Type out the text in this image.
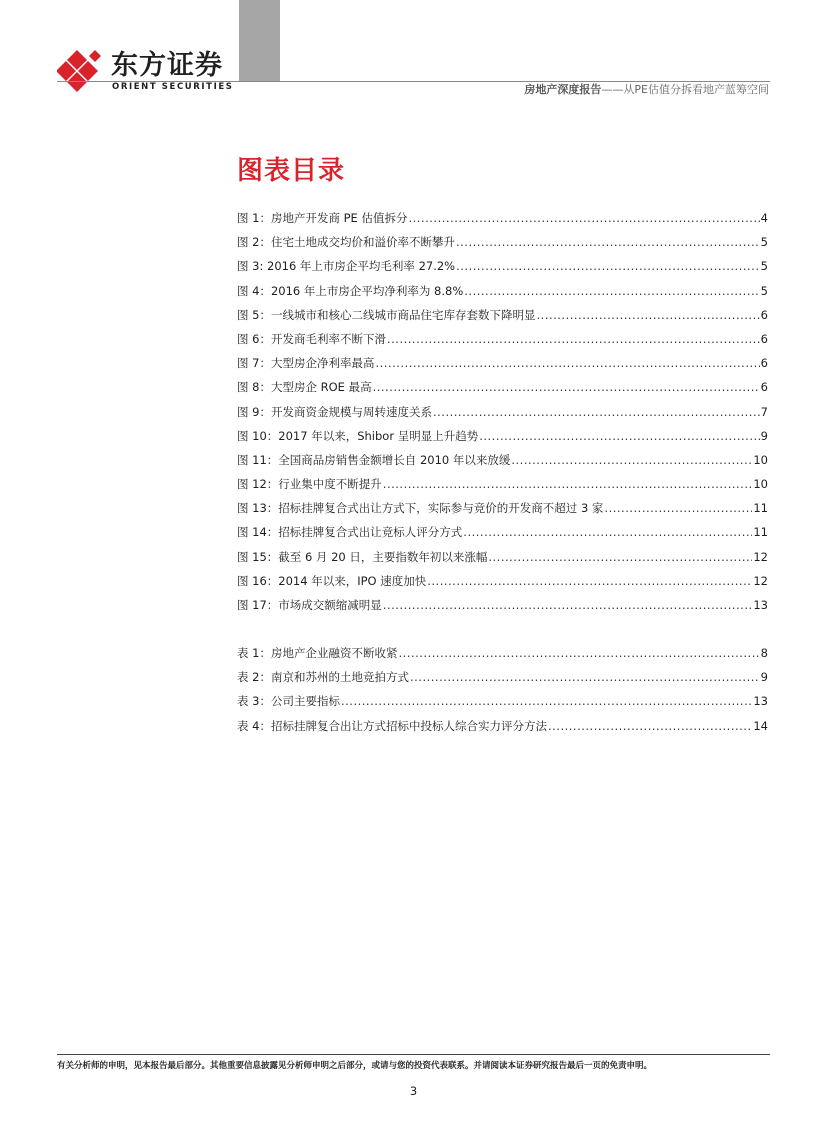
东方证券
ORIENT SECURITIES	房地产深度报告——从PE估值分拆看地产蓝筹空间
图表目录
图 1：房地产开发商 PE 估值拆分 .....	4
图 2：住宅土地成交均价和溢价率不断攀升 .....	5
图 3: 2016 年上市房企平均毛利率 27.2% .....	5
图 4：2016 年上市房企平均净利率为 8.8% .....	5
图 5：一线城市和核心二线城市商品住宅库存套数下降明显 .....	6
图 6：开发商毛利率不断下滑 .....	6
图 7：大型房企净利率最高 .....	6
图 8：大型房企 ROE 最高 .....	6
图 9：开发商资金规模与周转速度关系 .....	7
图 10：2017 年以来，Shibor 呈明显上升趋势 .....	9
图 11：全国商品房销售金额增长自 2010 年以来放缓 .....	10
图 12：行业集中度不断提升 .....	10
图 13：招标挂牌复合式出让方式下，实际参与竞价的开发商不超过 3 家 .....	11
图 14：招标挂牌复合式出让竞标人评分方式 .....	11
图 15：截至 6 月 20 日，主要指数年初以来涨幅 .....	12
图 16：2014 年以来，IPO 速度加快 .....	12
图 17：市场成交额缩减明显 .....	13
表 1：房地产企业融资不断收紧 .....	8
表 2：南京和苏州的土地竞拍方式 .....	9
表 3：公司主要指标 .....	13
表 4：招标挂牌复合出让方式招标中投标人综合实力评分方法 .....	14
有关分析师的申明，见本报告最后部分。其他重要信息披露见分析师申明之后部分，或请与您的投资代表联系。并请阅读本证券研究报告最后一页的免责申明。
3
